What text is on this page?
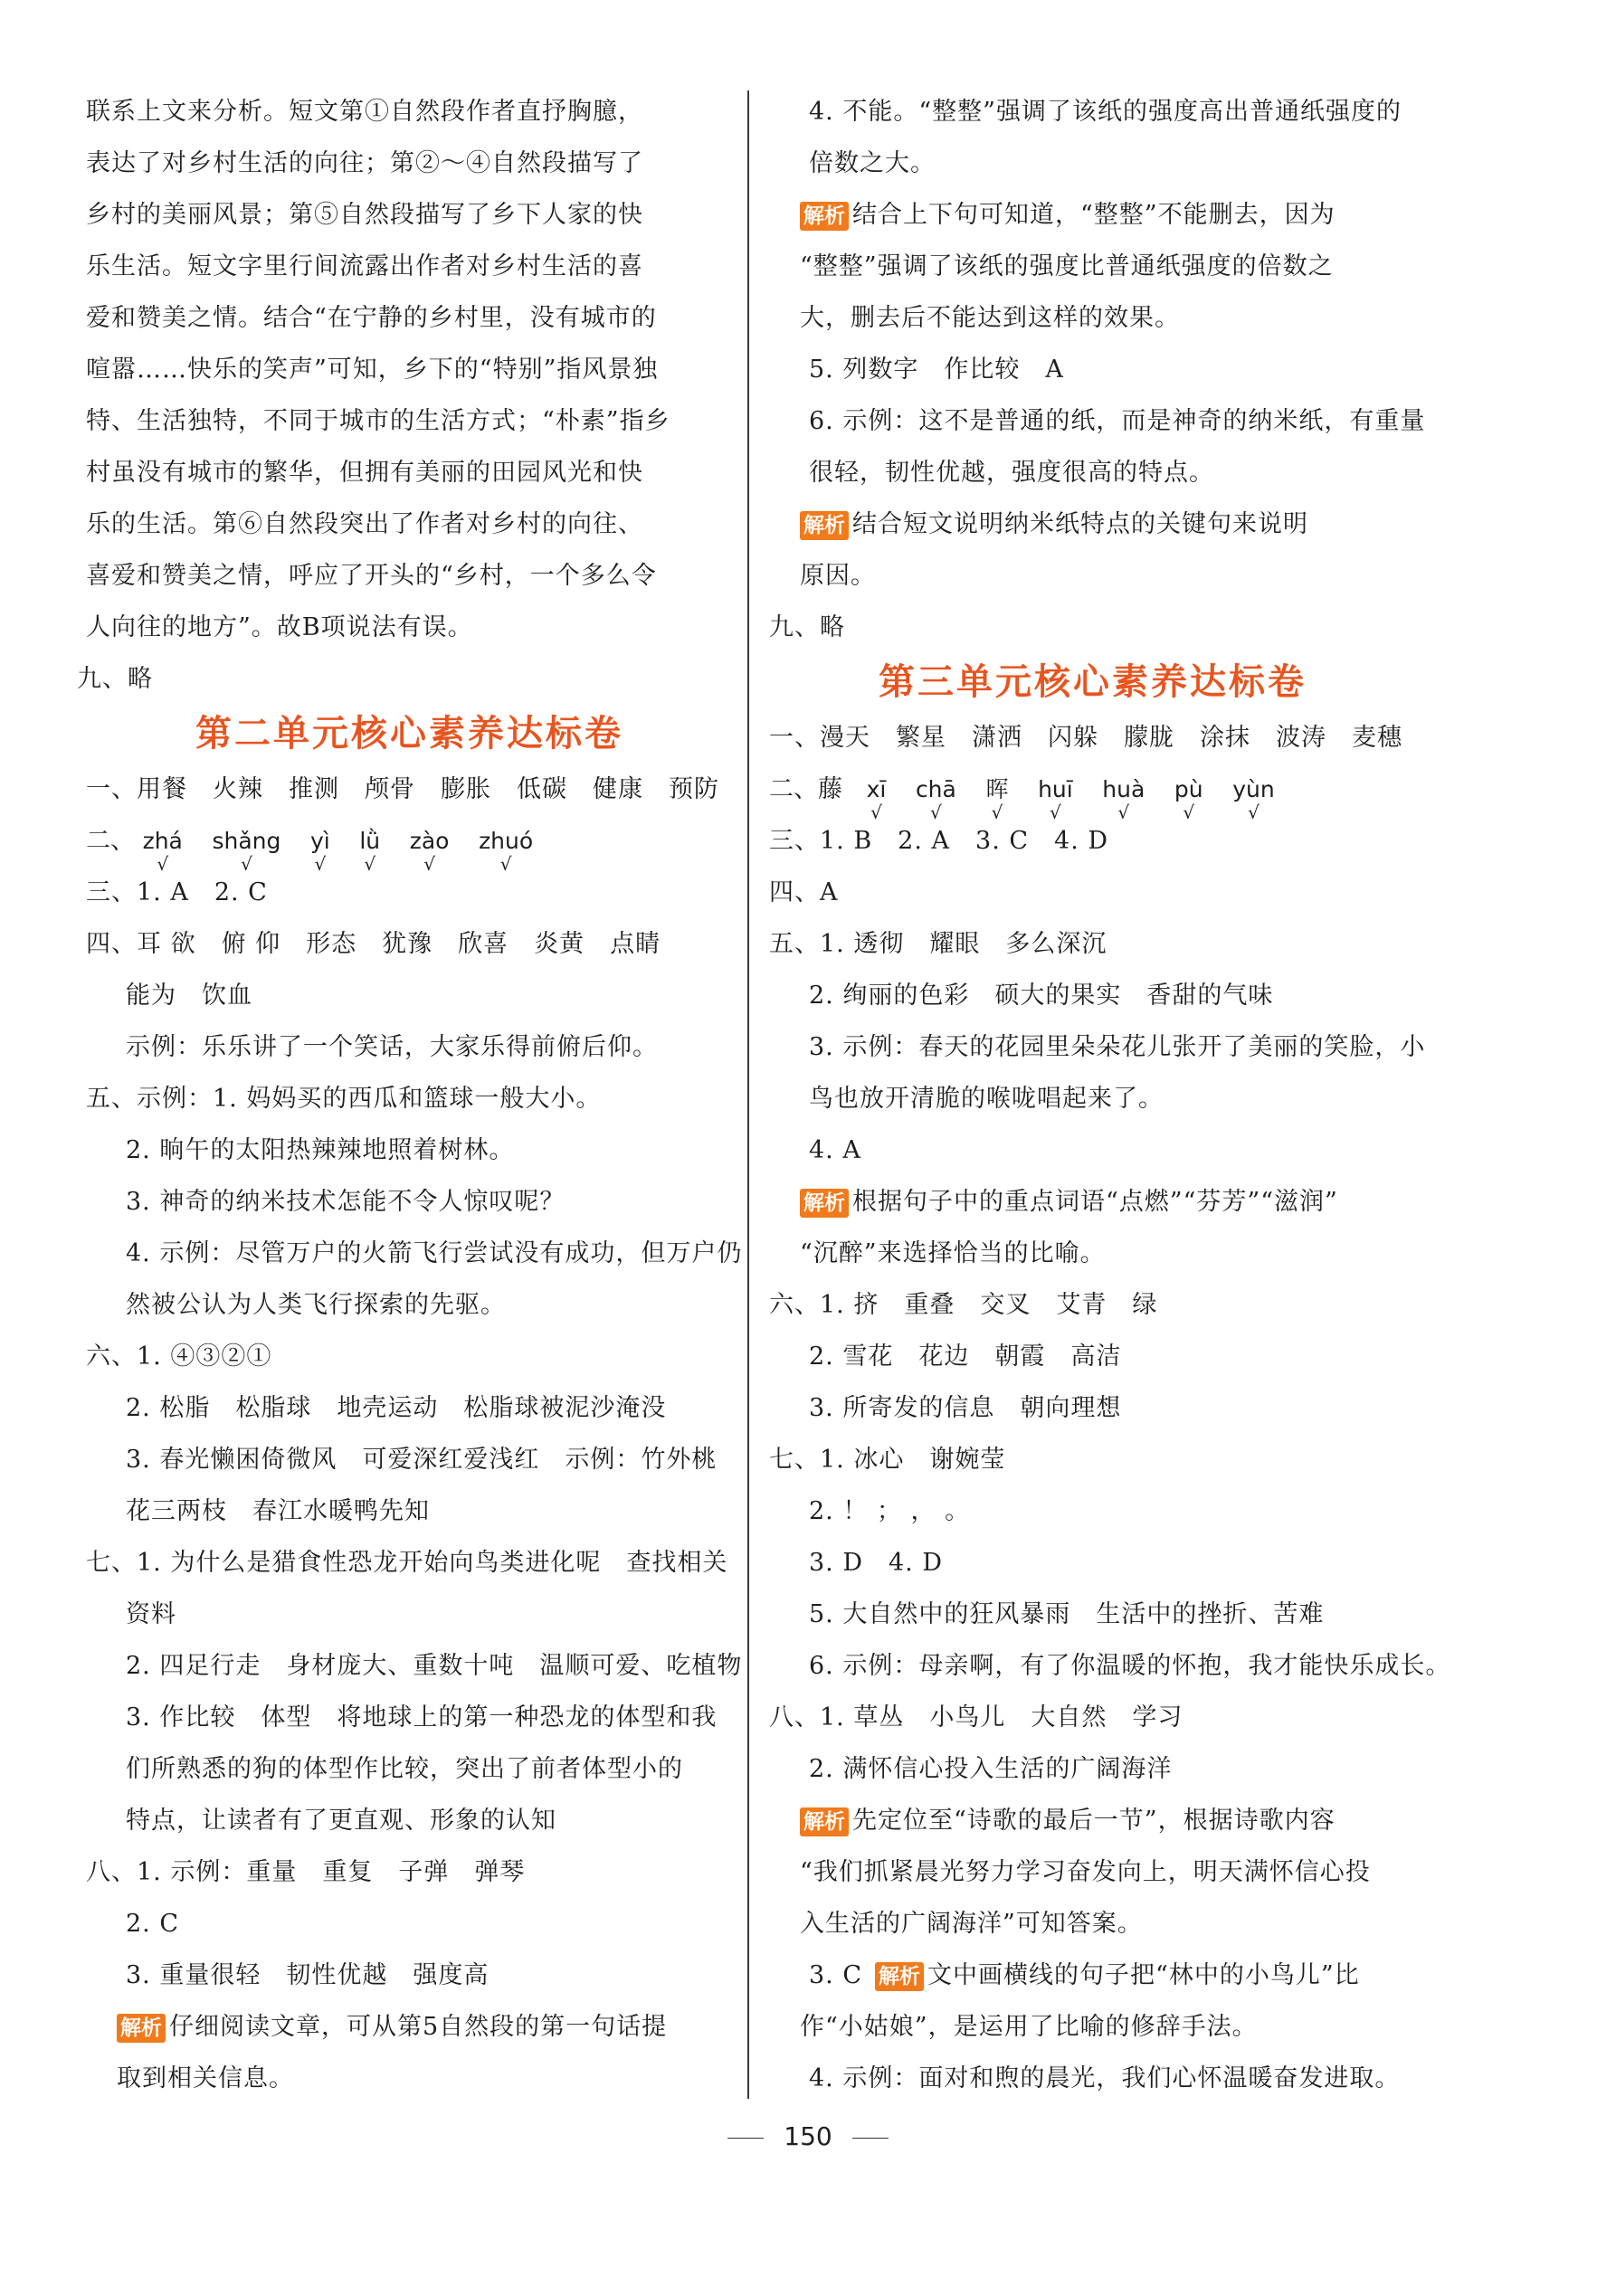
联系上文来分析。短文第①自然段作者直抒胸臆，
表达了对乡村生活的向往；第②～④自然段描写了
乡村的美丽风景；第⑤自然段描写了乡下人家的快
乐生活。短文字里行间流露出作者对乡村生活的喜
爱和赞美之情。结合“在宁静的乡村里，没有城市的
喧嚣……快乐的笑声”可知，乡下的“特别”指风景独
特、生活独特，不同于城市的生活方式；“朴素”指乡
村虽没有城市的繁华，但拥有美丽的田园风光和快
乐的生活。第⑥自然段突出了作者对乡村的向往、
喜爱和赞美之情，呼应了开头的“乡村，一个多么令
人向往的地方”。故B项说法有误。
九、略
第二单元核心素养达标卷
一、用餐　火辣　推测　颅骨　膨胀　低碳　健康　预防
二、 zhá √ shǎng √ yì √ lǜ √ zào √ zhuó √
三、1. A　2. C
四、耳 欲　俯 仰　形态　犹豫　欣喜　炎黄　点睛
能为　饮血
示例：乐乐讲了一个笑话，大家乐得前俯后仰。
五、示例：1. 妈妈买的西瓜和篮球一般大小。
2. 晌午的太阳热辣辣地照着树林。
3. 神奇的纳米技术怎能不令人惊叹呢？
4. 示例：尽管万户的火箭飞行尝试没有成功，但万户仍
然被公认为人类飞行探索的先驱。
六、1. ④③②①
2. 松脂　松脂球　地壳运动　松脂球被泥沙淹没
3. 春光懒困倚微风　可爱深红爱浅红　示例：竹外桃
花三两枝　春江水暖鸭先知
七、1. 为什么是猎食性恐龙开始向鸟类进化呢　查找相关
资料
2. 四足行走　身材庞大、重数十吨　温顺可爱、吃植物
3. 作比较　体型　将地球上的第一种恐龙的体型和我
们所熟悉的狗的体型作比较，突出了前者体型小的
特点，让读者有了更直观、形象的认知
八、1. 示例：重量　重复　子弹　弹琴
2. C
3. 重量很轻　韧性优越　强度高
解析 仔细阅读文章，可从第5自然段的第一句话提
取到相关信息。
4. 不能。“整整”强调了该纸的强度高出普通纸强度的
倍数之大。
解析 结合上下句可知道，“整整”不能删去，因为
“整整”强调了该纸的强度比普通纸强度的倍数之
大，删去后不能达到这样的效果。
5. 列数字　作比较　A
6. 示例：这不是普通的纸，而是神奇的纳米纸，有重量
很轻，韧性优越，强度很高的特点。
解析 结合短文说明纳米纸特点的关键句来说明
原因。
九、略
第三单元核心素养达标卷
一、漫天　繁星　潇洒　闪躲　朦胧　涂抹　波涛　麦穗
二、藤 xī √ chā √ 晖 √ huī √ huà √ pù √ yùn √
三、1. B　2. A　3. C　4. D
四、A
五、1. 透彻　耀眼　多么深沉
2. 绚丽的色彩　硕大的果实　香甜的气味
3. 示例：春天的花园里朵朵花儿张开了美丽的笑脸，小
鸟也放开清脆的喉咙唱起来了。
4. A
解析 根据句子中的重点词语“点燃”“芬芳”“滋润”
“沉醉”来选择恰当的比喻。
六、1. 挤　重叠　交叉　艾青　绿
2. 雪花　花边　朝霞　高洁
3. 所寄发的信息　朝向理想
七、1. 冰心　谢婉莹
2. ！ ； ， 。
3. D　4. D
5. 大自然中的狂风暴雨　生活中的挫折、苦难
6. 示例：母亲啊，有了你温暖的怀抱，我才能快乐成长。
八、1. 草丛　小鸟儿　大自然　学习
2. 满怀信心投入生活的广阔海洋
解析 先定位至“诗歌的最后一节”，根据诗歌内容
“我们抓紧晨光努力学习奋发向上，明天满怀信心投
入生活的广阔海洋”可知答案。
3. C 解析 文中画横线的句子把“林中的小鸟儿”比
作“小姑娘”，是运用了比喻的修辞手法。
4. 示例：面对和煦的晨光，我们心怀温暖奋发进取。
150
